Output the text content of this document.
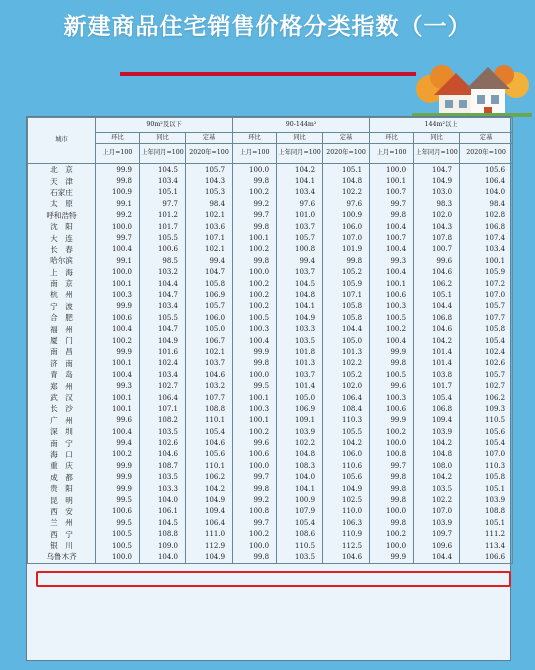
新建商品住宅销售价格分类指数（一）
城市	90m²及以下			90-144m²			144m²以上		
	环比	同比	定基	环比	同比	定基	环比	同比	定基
	上月=100	上年同月=100	2020年=100	上月=100	上年同月=100	2020年=100	上月=100	上年同月=100	2020年=100
北　京	99.9	104.5	105.7	100.0	104.2	105.1	100.0	104.7	105.6
天　津	99.8	103.4	104.3	99.8	104.1	104.8	100.1	104.9	106.4
石家庄	100.9	105.1	105.3	100.2	103.4	102.2	100.7	103.0	104.0
太　原	99.1	97.7	98.4	99.2	97.6	97.6	99.7	98.3	98.4
呼和浩特	99.2	101.2	102.1	99.7	101.0	100.9	99.8	102.0	102.8
沈　阳	100.0	101.7	103.6	99.8	103.7	106.0	100.4	104.3	106.8
大　连	99.7	105.5	107.1	100.1	105.7	107.0	100.7	107.8	107.4
长　春	100.4	100.6	102.1	100.2	100.8	101.9	100.4	100.7	103.4
哈尔滨	99.1	98.5	99.4	99.8	99.4	99.8	99.3	99.6	100.1
上　海	100.0	103.2	104.7	100.0	103.7	105.2	100.4	104.6	105.9
南　京	100.1	104.4	105.8	100.2	104.5	105.9	100.1	106.2	107.2
杭　州	100.3	104.7	106.9	100.2	104.8	107.1	100.6	105.1	107.0
宁　波	99.9	103.4	105.7	100.2	104.1	105.8	100.3	104.4	105.7
合　肥	100.6	105.5	106.0	100.5	104.9	105.8	100.5	106.8	107.7
福　州	100.4	104.7	105.0	100.3	103.3	104.4	100.2	104.6	105.8
厦　门	100.2	104.9	106.7	100.4	103.5	105.0	100.4	104.2	105.4
南　昌	99.9	101.6	102.1	99.9	101.8	101.3	99.9	101.4	102.4
济　南	100.1	102.4	103.7	99.8	101.3	102.2	99.8	101.4	102.6
青　岛	100.4	103.4	104.6	100.0	103.7	105.2	100.5	103.8	105.7
郑　州	99.3	102.7	103.2	99.5	101.4	102.0	99.6	101.7	102.7
武　汉	100.1	106.4	107.7	100.1	105.0	106.4	100.3	105.4	106.2
长　沙	100.1	107.1	108.8	100.3	106.9	108.4	100.6	106.8	109.3
广　州	99.6	108.2	110.1	100.1	109.1	110.3	99.9	109.4	110.5
深　圳	100.4	103.5	105.4	100.2	103.9	105.5	100.2	103.9	105.6
南　宁	99.4	102.6	104.6	99.6	102.2	104.2	100.0	104.2	105.4
海　口	100.2	104.6	105.6	100.6	104.8	106.0	100.8	104.8	107.0
重　庆	99.9	108.7	110.1	100.0	108.3	110.6	99.7	108.0	110.3
成　都	99.9	103.5	106.2	99.7	104.0	105.6	99.8	104.2	105.8
贵　阳	99.9	103.3	104.2	99.8	104.1	104.9	99.8	103.5	105.1
昆　明	99.5	104.0	104.9	99.2	100.9	102.5	99.8	102.2	103.9
西　安	100.6	106.1	109.4	100.8	107.9	110.0	100.0	107.0	108.8
兰　州	99.5	104.5	106.4	99.7	105.4	106.3	99.8	103.9	105.1
西　宁	100.5	108.8	111.0	100.2	108.6	110.9	100.2	109.7	111.2
银　川	100.5	109.0	112.9	100.0	110.5	112.5	100.0	109.6	113.4
乌鲁木齐	100.0	104.0	104.9	99.8	103.5	104.6	99.9	104.4	106.6
